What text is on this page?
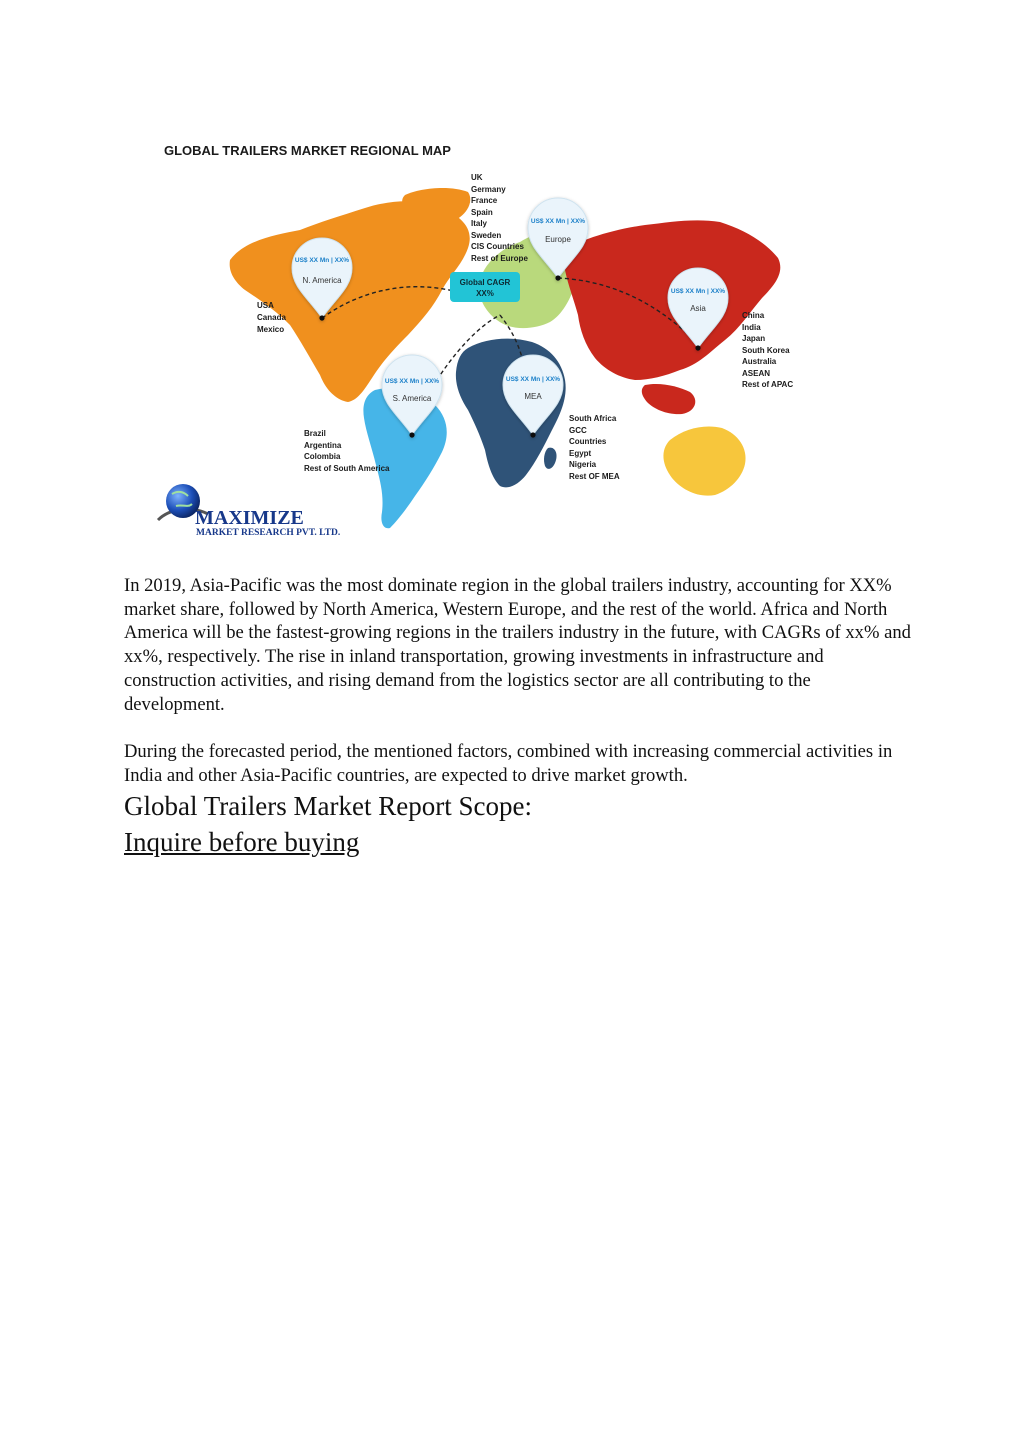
GLOBAL TRAILERS MARKET REGIONAL MAP
Global CAGR
XX%
US$ XX Mn | XX%
N. America
US$ XX Mn | XX%
Europe
US$ XX Mn | XX%
Asia
US$ XX Mn | XX%
S. America
US$ XX Mn | XX%
MEA
USA Canada Mexico
UK Germany France Spain Italy Sweden CIS Countries Rest of Europe
China India Japan South Korea Australia ASEAN Rest of APAC
Brazil Argentina Colombia Rest of South America
South Africa GCC Countries Egypt Nigeria Rest OF MEA
MAXIMIZE
MARKET RESEARCH PVT. LTD.

In 2019, Asia-Pacific was the most dominate region in the global trailers industry, accounting for XX% market share, followed by North America, Western Europe, and the rest of the world. Africa and North America will be the fastest-growing regions in the trailers industry in the future, with CAGRs of xx% and xx%, respectively. The rise in inland transportation, growing investments in infrastructure and construction activities, and rising demand from the logistics sector are all contributing to the development.

During the forecasted period, the mentioned factors, combined with increasing commercial activities in India and other Asia-Pacific countries, are expected to drive market growth.

Global Trailers Market Report Scope:
Inquire before buying
